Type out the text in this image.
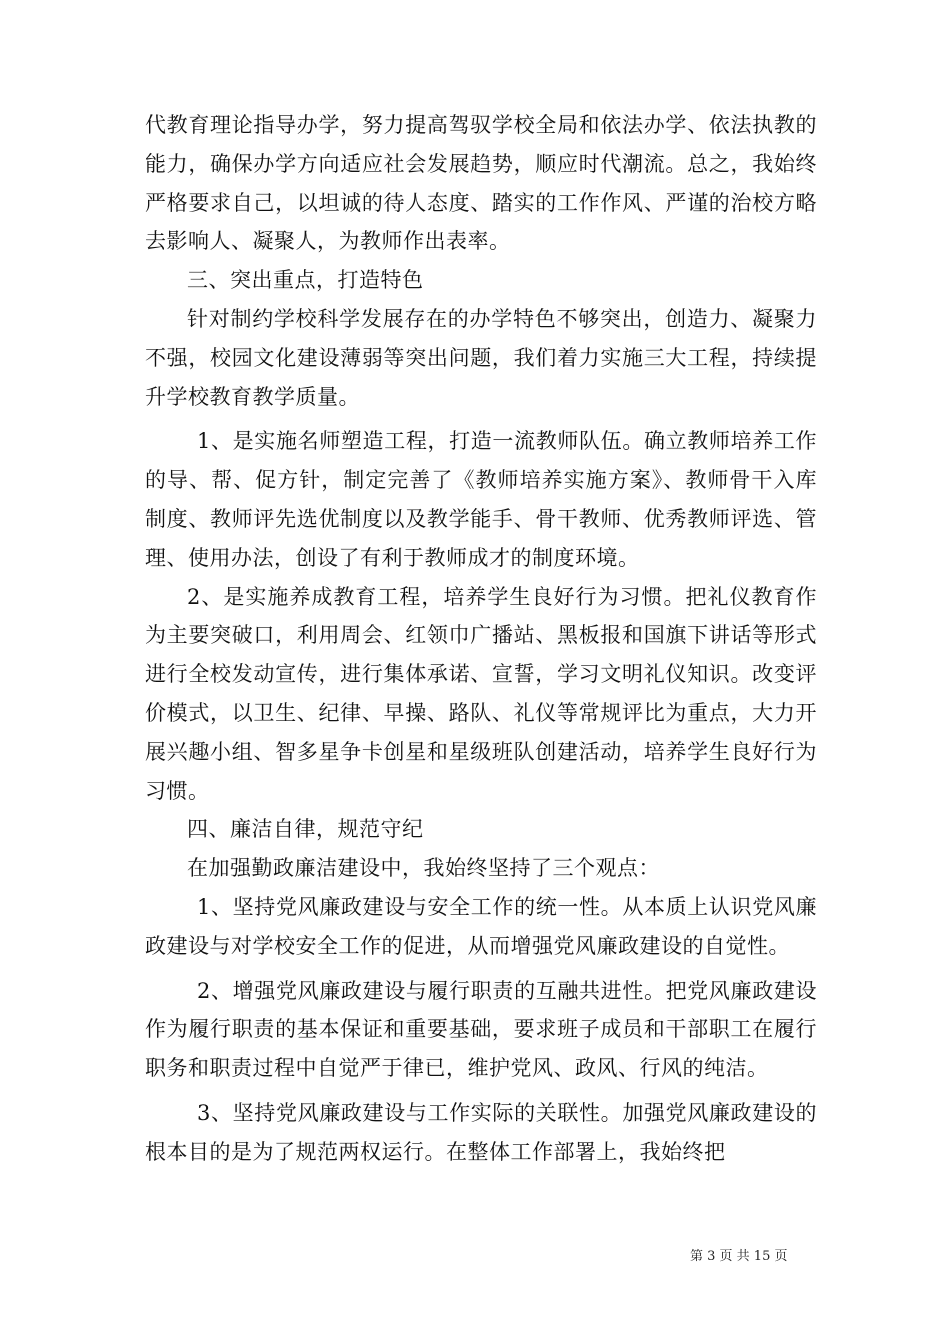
代教育理论指导办学，努力提高驾驭学校全局和依法办学、依法执教的能力，确保办学方向适应社会发展趋势，顺应时代潮流。总之，我始终严格要求自己，以坦诚的待人态度、踏实的工作作风、严谨的治校方略去影响人、凝聚人，为教师作出表率。

三、突出重点，打造特色

针对制约学校科学发展存在的办学特色不够突出，创造力、凝聚力不强，校园文化建设薄弱等突出问题，我们着力实施三大工程，持续提升学校教育教学质量。

1、是实施名师塑造工程，打造一流教师队伍。确立教师培养工作的导、帮、促方针，制定完善了《教师培养实施方案》、教师骨干入库制度、教师评先选优制度以及教学能手、骨干教师、优秀教师评选、管理、使用办法，创设了有利于教师成才的制度环境。

2、是实施养成教育工程，培养学生良好行为习惯。把礼仪教育作为主要突破口，利用周会、红领巾广播站、黑板报和国旗下讲话等形式进行全校发动宣传，进行集体承诺、宣誓，学习文明礼仪知识。改变评价模式，以卫生、纪律、早操、路队、礼仪等常规评比为重点，大力开展兴趣小组、智多星争卡创星和星级班队创建活动，培养学生良好行为习惯。

四、廉洁自律，规范守纪

在加强勤政廉洁建设中，我始终坚持了三个观点：

1、坚持党风廉政建设与安全工作的统一性。从本质上认识党风廉政建设与对学校安全工作的促进，从而增强党风廉政建设的自觉性。

2、增强党风廉政建设与履行职责的互融共进性。把党风廉政建设作为履行职责的基本保证和重要基础，要求班子成员和干部职工在履行职务和职责过程中自觉严于律已，维护党风、政风、行风的纯洁。

3、坚持党风廉政建设与工作实际的关联性。加强党风廉政建设的根本目的是为了规范两权运行。在整体工作部署上，我始终把

第 3 页 共 15 页
